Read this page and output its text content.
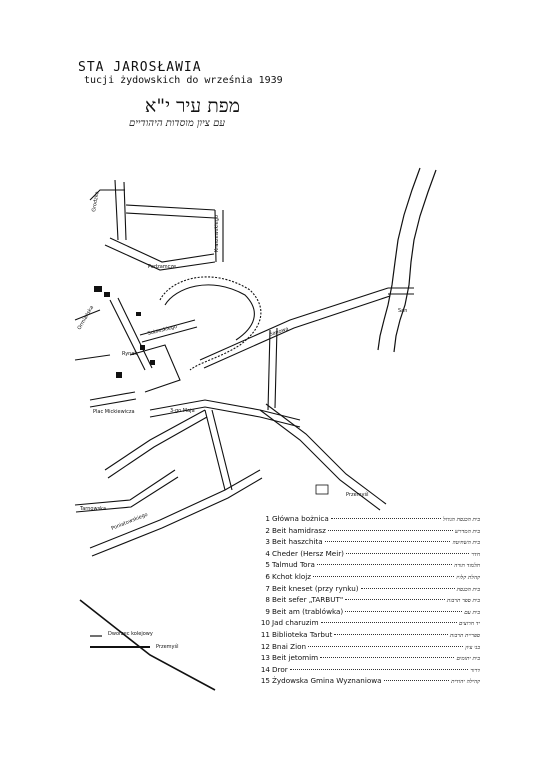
STA JAROSŁAWIA
tucji żydowskich do września 1939
מפת עיר י"א
עם ציון מוסדות היהודיים
Podzamcze
Sobieskiego
Rynek
Sanowa
3-go Maja
Plac Mickiewicza
Grodzka
Kraszewskiego
Tarnowska
Poniatowskiego
Przemyśl
San
Ormiańska
Dworzec kolejowy
Przemyśl
1 Główna bożnica	בית הכנסת הגדול
2 Beit hamidrasz	בית המדרש
3 Beit haszchita	בית השחיטה
4 Cheder (Hersz Meir)	חדר
5 Talmud Tora	תלמוד תורה
6 Kchot klojz	קהלת קלויז
7 Beit kneset (przy rynku)	בית הכנסת
8 Beit sefer „TARBUT"	בית ספר תרבות
9 Beit am (trablówka)	בית עם
10 Jad charuzim	יד חרוצים
11 Biblioteka Tarbut	ספריית תרבות
12 Bnai Zion	בני ציון
13 Beit jetomim	בית יתומים
14 Dror	דרור
15 Żydowska Gmina Wyznaniowa	קהילה יהודית
